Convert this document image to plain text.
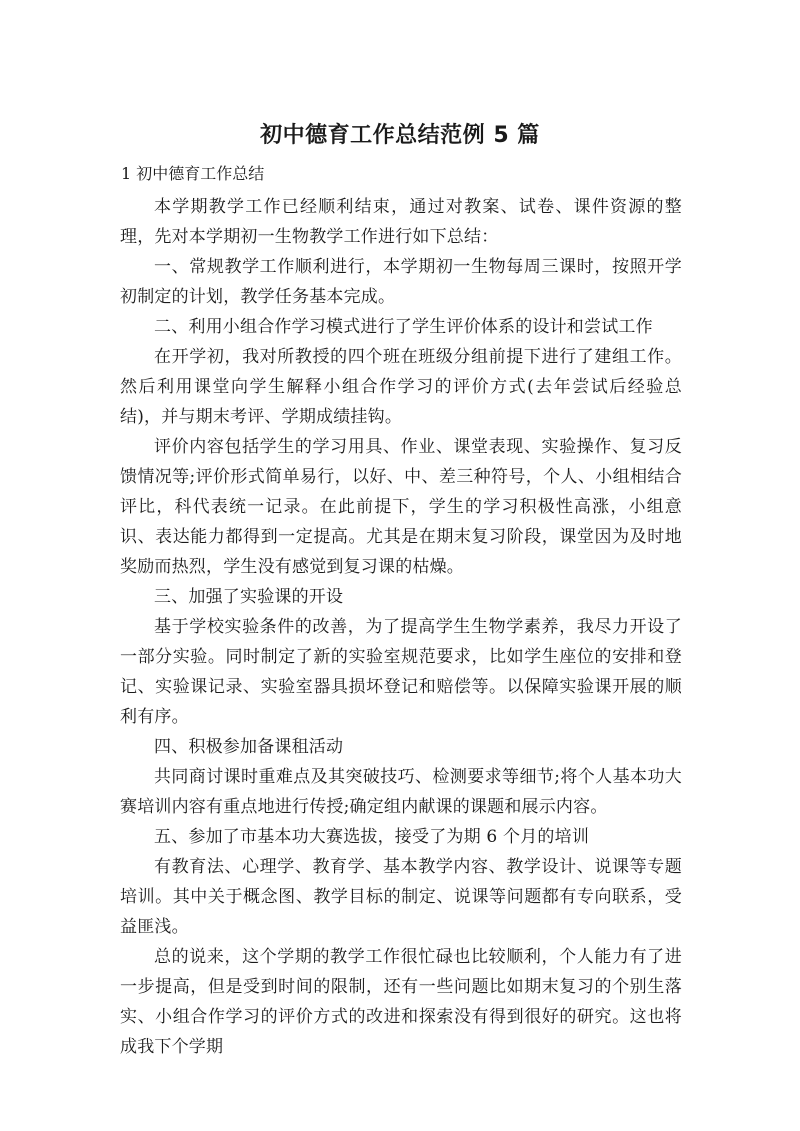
初中德育工作总结范例 5 篇
1 初中德育工作总结

本学期教学工作已经顺利结束，通过对教案、试卷、课件资源的整理，先对本学期初一生物教学工作进行如下总结：

一、常规教学工作顺利进行，本学期初一生物每周三课时，按照开学初制定的计划，教学任务基本完成。

二、利用小组合作学习模式进行了学生评价体系的设计和尝试工作

在开学初，我对所教授的四个班在班级分组前提下进行了建组工作。然后利用课堂向学生解释小组合作学习的评价方式(去年尝试后经验总结)，并与期末考评、学期成绩挂钩。

评价内容包括学生的学习用具、作业、课堂表现、实验操作、复习反馈情况等;评价形式简单易行，以好、中、差三种符号，个人、小组相结合评比，科代表统一记录。在此前提下，学生的学习积极性高涨，小组意识、表达能力都得到一定提高。尤其是在期末复习阶段，课堂因为及时地奖励而热烈，学生没有感觉到复习课的枯燥。

三、加强了实验课的开设

基于学校实验条件的改善，为了提高学生生物学素养，我尽力开设了一部分实验。同时制定了新的实验室规范要求，比如学生座位的安排和登记、实验课记录、实验室器具损坏登记和赔偿等。以保障实验课开展的顺利有序。

四、积极参加备课租活动

共同商讨课时重难点及其突破技巧、检测要求等细节;将个人基本功大赛培训内容有重点地进行传授;确定组内献课的课题和展示内容。

五、参加了市基本功大赛选拔，接受了为期 6 个月的培训

有教育法、心理学、教育学、基本教学内容、教学设计、说课等专题培训。其中关于概念图、教学目标的制定、说课等问题都有专向联系，受益匪浅。

总的说来，这个学期的教学工作很忙碌也比较顺利，个人能力有了进一步提高，但是受到时间的限制，还有一些问题比如期末复习的个别生落实、小组合作学习的评价方式的改进和探索没有得到很好的研究。这也将成我下个学期
